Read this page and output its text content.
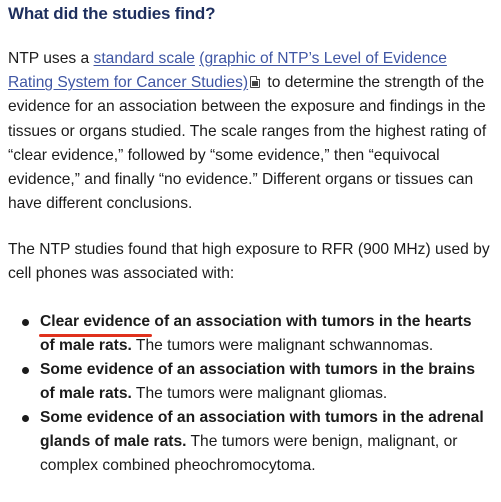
What did the studies find?

NTP uses a standard scale (graphic of NTP’s Level of Evidence Rating System for Cancer Studies) to determine the strength of the evidence for an association between the exposure and findings in the tissues or organs studied. The scale ranges from the highest rating of “clear evidence,” followed by “some evidence,” then “equivocal evidence,” and finally “no evidence.” Different organs or tissues can have different conclusions.

The NTP studies found that high exposure to RFR (900 MHz) used by cell phones was associated with:

Clear evidence of an association with tumors in the hearts of male rats. The tumors were malignant schwannomas.
Some evidence of an association with tumors in the brains of male rats. The tumors were malignant gliomas.
Some evidence of an association with tumors in the adrenal glands of male rats. The tumors were benign, malignant, or complex combined pheochromocytoma.
